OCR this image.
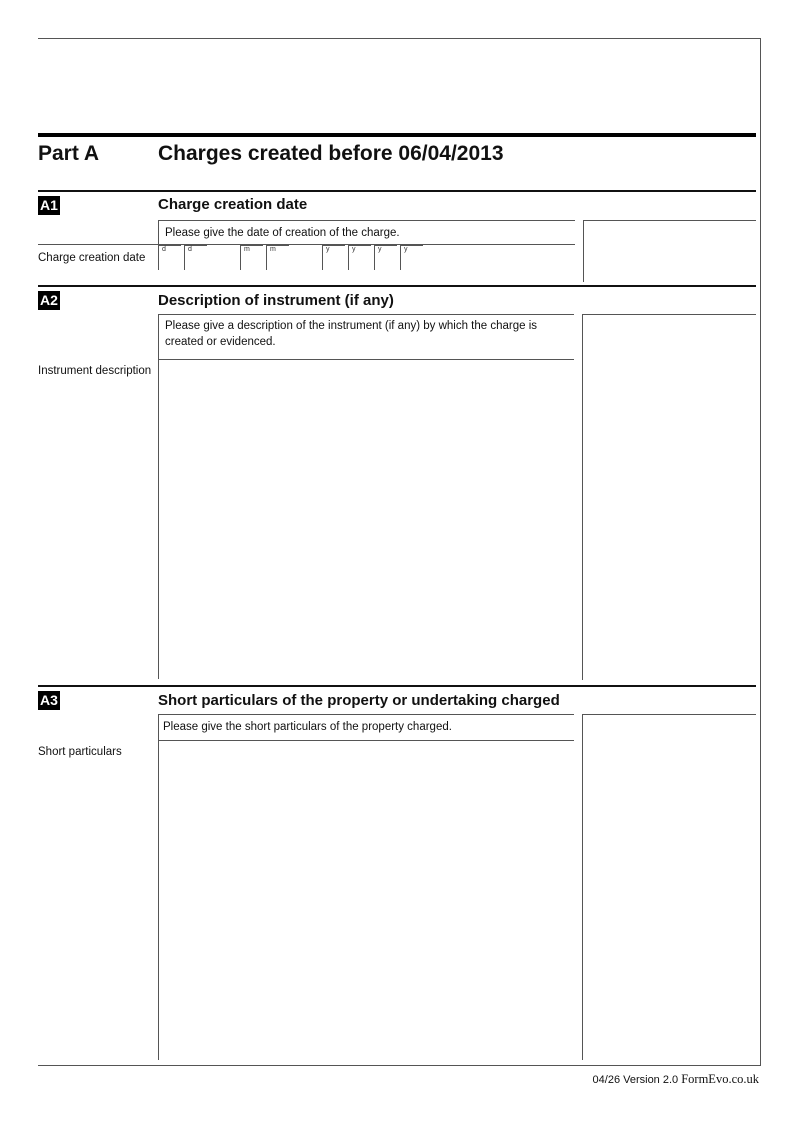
Part A	Charges created before 06/04/2013
A1	Charge creation date
Please give the date of creation of the charge.
Charge creation date
d	d	m	m	y	y	y	y
A2	Description of instrument (if any)
Please give a description of the instrument (if any) by which the charge is created or evidenced.
Instrument description
A3	Short particulars of the property or undertaking charged
Please give the short particulars of the property charged.
Short particulars
04/26 Version 2.0 FormEvo.co.uk
